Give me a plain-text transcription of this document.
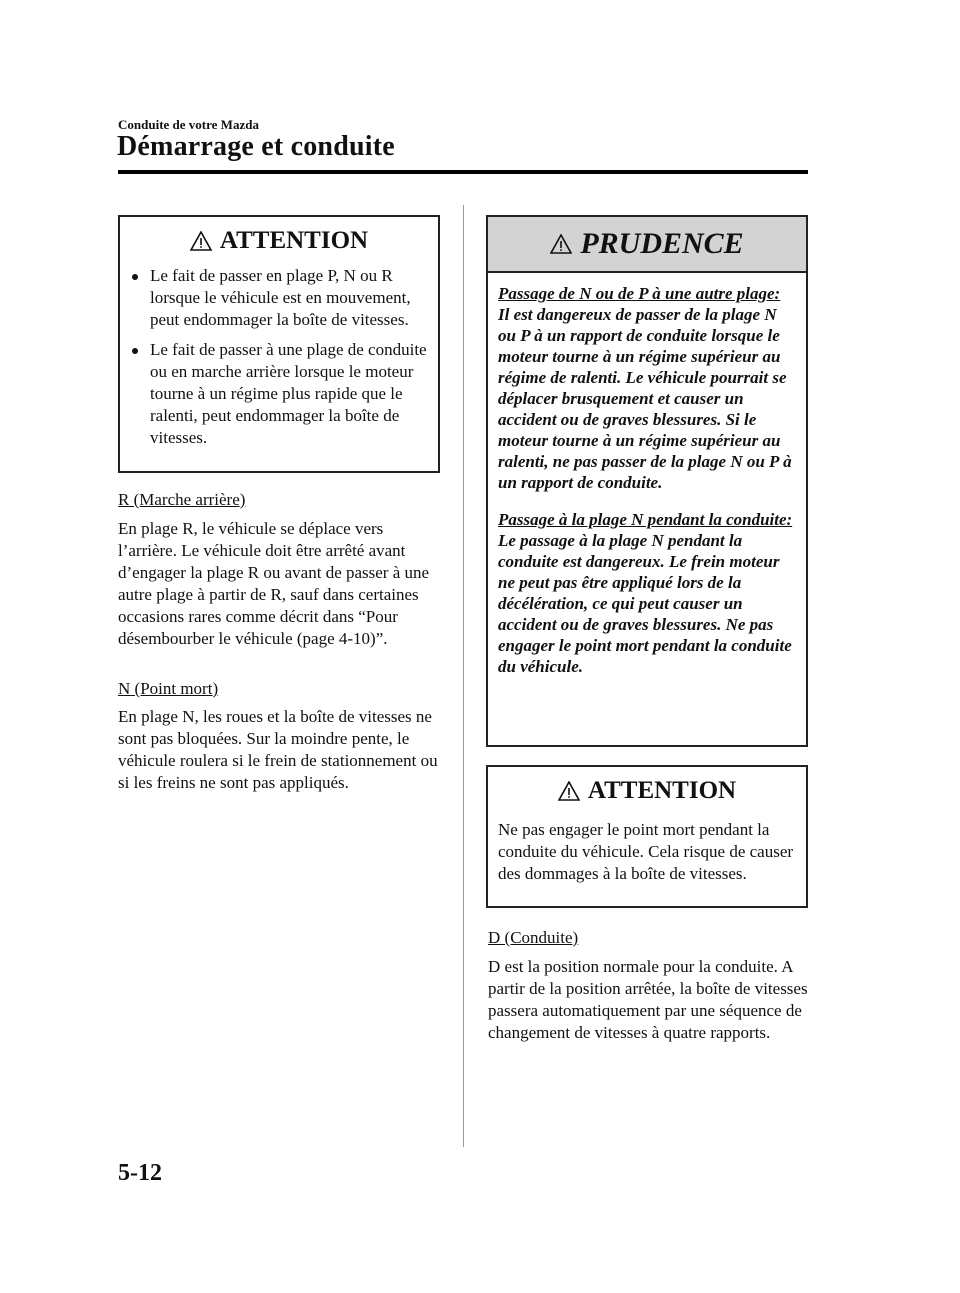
Conduite de votre Mazda
Démarrage et conduite
ATTENTION
Le fait de passer en plage P, N ou R lorsque le véhicule est en mouvement, peut endommager la boîte de vitesses.
Le fait de passer à une plage de conduite ou en marche arrière lorsque le moteur tourne à un régime plus rapide que le ralenti, peut endommager la boîte de vitesses.
R (Marche arrière)
En plage R, le véhicule se déplace vers l’arrière. Le véhicule doit être arrêté avant d’engager la plage R ou avant de passer à une autre plage à partir de R, sauf dans certaines occasions rares comme décrit dans “Pour désembourber le véhicule (page 4-10)”.
N (Point mort)
En plage N, les roues et la boîte de vitesses ne sont pas bloquées. Sur la moindre pente, le véhicule roulera si le frein de stationnement ou si les freins ne sont pas appliqués.
PRUDENCE

Passage de N ou de P à une autre plage:
Il est dangereux de passer de la plage N ou P à un rapport de conduite lorsque le moteur tourne à un régime supérieur au régime de ralenti. Le véhicule pourrait se déplacer brusquement et causer un accident ou de graves blessures. Si le moteur tourne à un régime supérieur au ralenti, ne pas passer de la plage N ou P à un rapport de conduite.

Passage à la plage N pendant la conduite:
Le passage à la plage N pendant la conduite est dangereux. Le frein moteur ne peut pas être appliqué lors de la décélération, ce qui peut causer un accident ou de graves blessures. Ne pas engager le point mort pendant la conduite du véhicule.

ATTENTION
Ne pas engager le point mort pendant la conduite du véhicule. Cela risque de causer des dommages à la boîte de vitesses.
D (Conduite)
D est la position normale pour la conduite. A partir de la position arrêtée, la boîte de vitesses passera automatiquement par une séquence de changement de vitesses à quatre rapports.
5-12
